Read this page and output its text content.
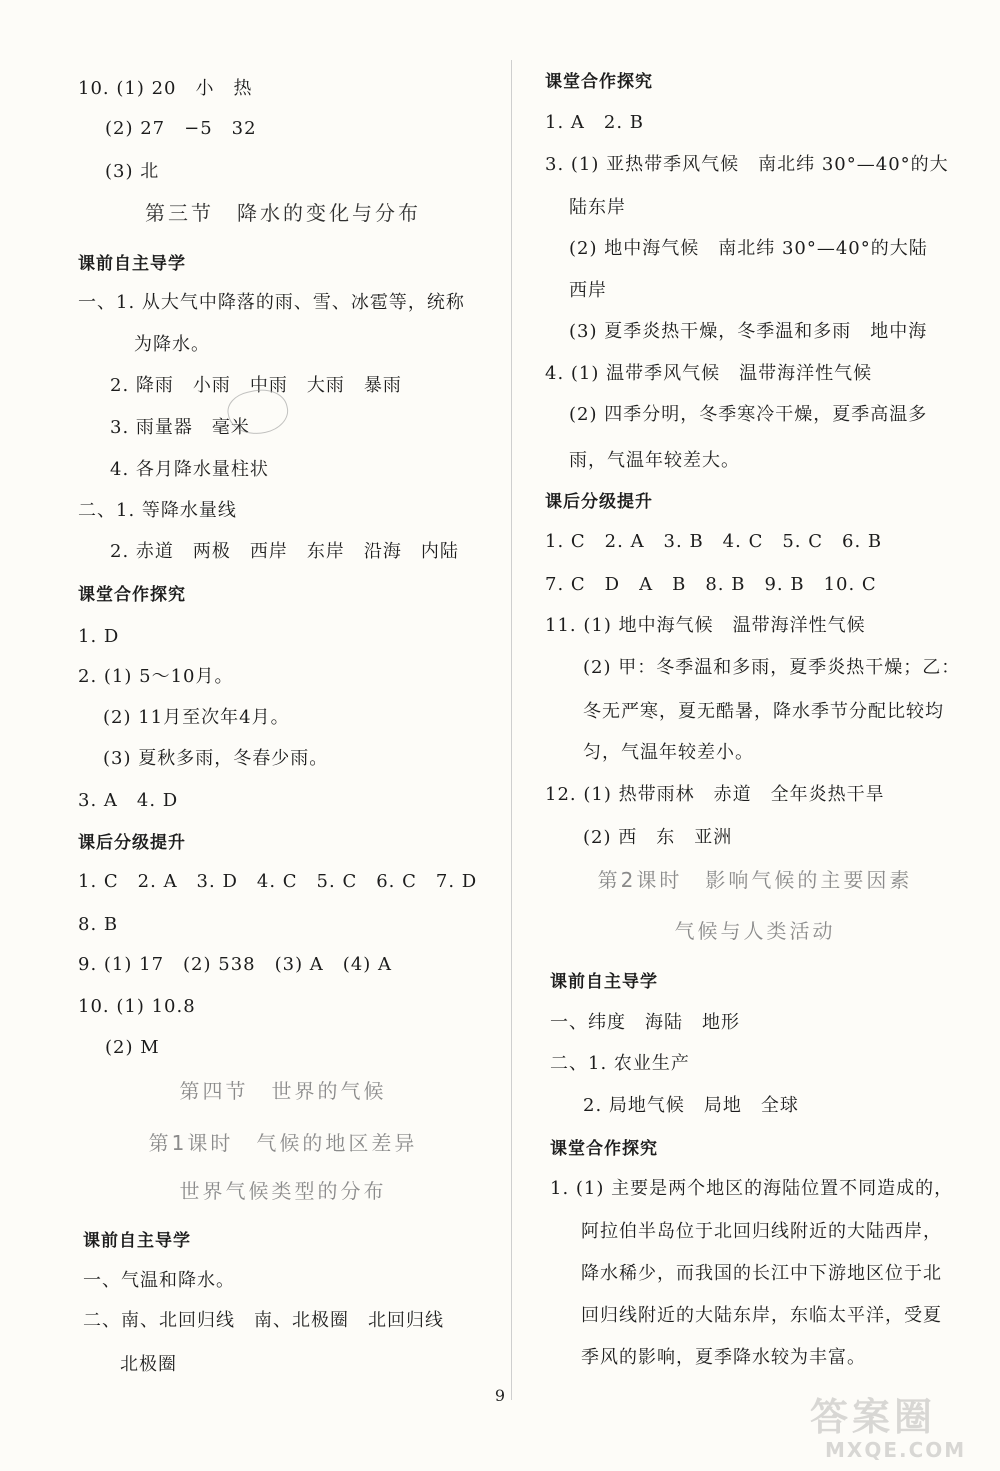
10. (1) 20　小　热
(2) 27　−5　32
(3) 北
第三节　降水的变化与分布
课前自主导学
一、1. 从大气中降落的雨、雪、冰雹等，统称
为降水。
2. 降雨　小雨　中雨　大雨　暴雨
3. 雨量器　毫米
4. 各月降水量柱状
二、1. 等降水量线
2. 赤道　两极　西岸　东岸　沿海　内陆
课堂合作探究
1. D
2. (1) 5～10月。
(2) 11月至次年4月。
(3) 夏秋多雨，冬春少雨。
3. A　4. D
课后分级提升
1. C　2. A　3. D　4. C　5. C　6. C　7. D
8. B
9. (1) 17　(2) 538　(3) A　(4) A
10. (1) 10.8
(2) M
第四节　世界的气候
第1课时　气候的地区差异
世界气候类型的分布
课前自主导学
一、气温和降水。
二、南、北回归线　南、北极圈　北回归线
北极圈
课堂合作探究
1. A　2. B
3. (1) 亚热带季风气候　南北纬 30°—40°的大
陆东岸
(2) 地中海气候　南北纬 30°—40°的大陆
西岸
(3) 夏季炎热干燥，冬季温和多雨　地中海
4. (1) 温带季风气候　温带海洋性气候
(2) 四季分明，冬季寒冷干燥，夏季高温多
雨，气温年较差大。
课后分级提升
1. C　2. A　3. B　4. C　5. C　6. B
7. C　D　A　B　8. B　9. B　10. C
11. (1) 地中海气候　温带海洋性气候
(2) 甲：冬季温和多雨，夏季炎热干燥；乙：
冬无严寒，夏无酷暑，降水季节分配比较均
匀，气温年较差小。
12. (1) 热带雨林　赤道　全年炎热干旱
(2) 西　东　亚洲
第2课时　影响气候的主要因素
气候与人类活动
课前自主导学
一、纬度　海陆　地形
二、1. 农业生产
2. 局地气候　局地　全球
课堂合作探究
1. (1) 主要是两个地区的海陆位置不同造成的，
阿拉伯半岛位于北回归线附近的大陆西岸，
降水稀少，而我国的长江中下游地区位于北
回归线附近的大陆东岸，东临太平洋，受夏
季风的影响，夏季降水较为丰富。
9	答案圈
MXQE.COM
